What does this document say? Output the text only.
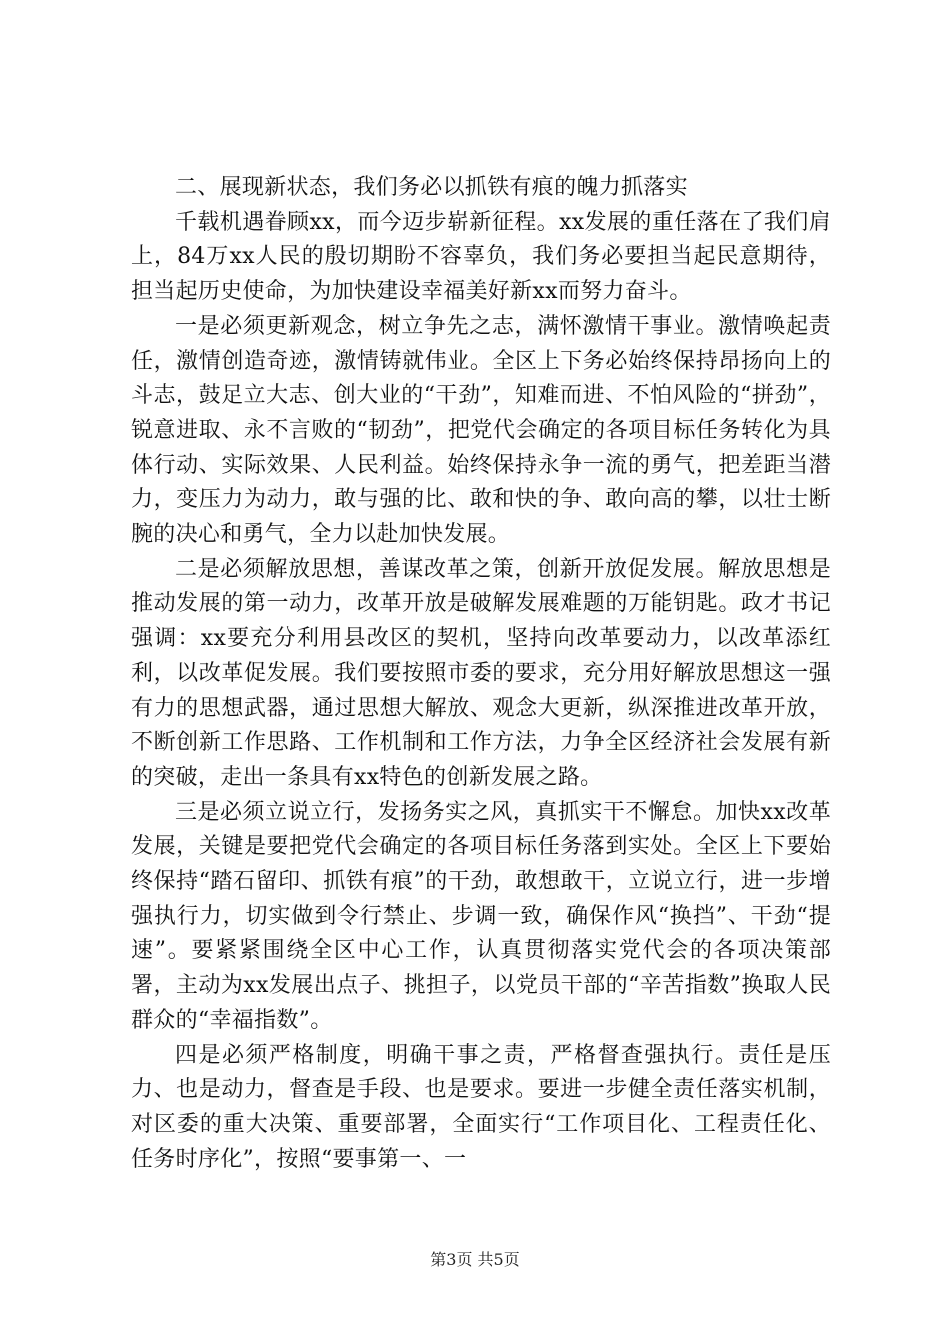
二、展现新状态，我们务必以抓铁有痕的魄力抓落实

千载机遇眷顾xx，而今迈步崭新征程。xx发展的重任落在了我们肩上，84万xx人民的殷切期盼不容辜负，我们务必要担当起民意期待，担当起历史使命，为加快建设幸福美好新xx而努力奋斗。

一是必须更新观念，树立争先之志，满怀激情干事业。激情唤起责任，激情创造奇迹，激情铸就伟业。全区上下务必始终保持昂扬向上的斗志，鼓足立大志、创大业的“干劲”，知难而进、不怕风险的“拼劲”，锐意进取、永不言败的“韧劲”，把党代会确定的各项目标任务转化为具体行动、实际效果、人民利益。始终保持永争一流的勇气，把差距当潜力，变压力为动力，敢与强的比、敢和快的争、敢向高的攀，以壮士断腕的决心和勇气，全力以赴加快发展。

二是必须解放思想，善谋改革之策，创新开放促发展。解放思想是推动发展的第一动力，改革开放是破解发展难题的万能钥匙。政才书记强调：xx要充分利用县改区的契机，坚持向改革要动力，以改革添红利，以改革促发展。我们要按照市委的要求，充分用好解放思想这一强有力的思想武器，通过思想大解放、观念大更新，纵深推进改革开放，不断创新工作思路、工作机制和工作方法，力争全区经济社会发展有新的突破，走出一条具有xx特色的创新发展之路。

三是必须立说立行，发扬务实之风，真抓实干不懈怠。加快xx改革发展，关键是要把党代会确定的各项目标任务落到实处。全区上下要始终保持“踏石留印、抓铁有痕”的干劲，敢想敢干，立说立行，进一步增强执行力，切实做到令行禁止、步调一致，确保作风“换挡”、干劲“提速”。要紧紧围绕全区中心工作，认真贯彻落实党代会的各项决策部署，主动为xx发展出点子、挑担子，以党员干部的“辛苦指数”换取人民群众的“幸福指数”。

四是必须严格制度，明确干事之责，严格督查强执行。责任是压力、也是动力，督查是手段、也是要求。要进一步健全责任落实机制，对区委的重大决策、重要部署，全面实行“工作项目化、工程责任化、任务时序化”，按照“要事第一、一

第3页 共5页
